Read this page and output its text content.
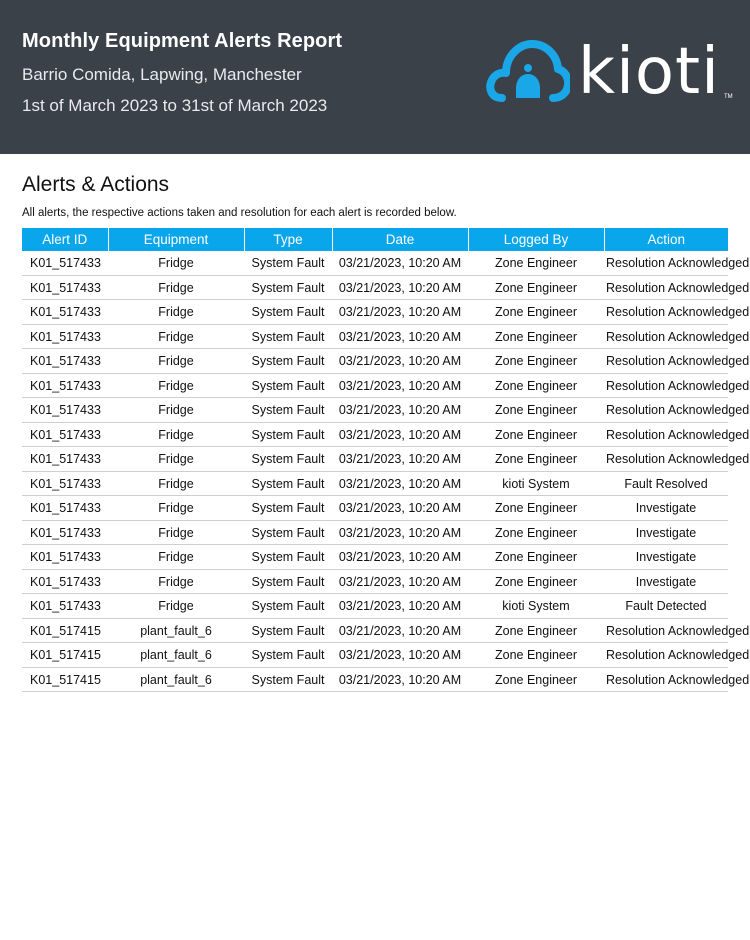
Monthly Equipment Alerts Report
Barrio Comida, Lapwing, Manchester
1st of March 2023 to 31st of March 2023	kioti TM
Alerts & Actions
All alerts, the respective actions taken and resolution for each alert is recorded below.
Alert ID	Equipment	Type	Date	Logged By	Action
K01_517433	Fridge	System Fault	03/21/2023, 10:20 AM	Zone Engineer	Resolution Acknowledged
K01_517433	Fridge	System Fault	03/21/2023, 10:20 AM	Zone Engineer	Resolution Acknowledged
K01_517433	Fridge	System Fault	03/21/2023, 10:20 AM	Zone Engineer	Resolution Acknowledged
K01_517433	Fridge	System Fault	03/21/2023, 10:20 AM	Zone Engineer	Resolution Acknowledged
K01_517433	Fridge	System Fault	03/21/2023, 10:20 AM	Zone Engineer	Resolution Acknowledged
K01_517433	Fridge	System Fault	03/21/2023, 10:20 AM	Zone Engineer	Resolution Acknowledged
K01_517433	Fridge	System Fault	03/21/2023, 10:20 AM	Zone Engineer	Resolution Acknowledged
K01_517433	Fridge	System Fault	03/21/2023, 10:20 AM	Zone Engineer	Resolution Acknowledged
K01_517433	Fridge	System Fault	03/21/2023, 10:20 AM	Zone Engineer	Resolution Acknowledged
K01_517433	Fridge	System Fault	03/21/2023, 10:20 AM	kioti System	Fault Resolved
K01_517433	Fridge	System Fault	03/21/2023, 10:20 AM	Zone Engineer	Investigate
K01_517433	Fridge	System Fault	03/21/2023, 10:20 AM	Zone Engineer	Investigate
K01_517433	Fridge	System Fault	03/21/2023, 10:20 AM	Zone Engineer	Investigate
K01_517433	Fridge	System Fault	03/21/2023, 10:20 AM	Zone Engineer	Investigate
K01_517433	Fridge	System Fault	03/21/2023, 10:20 AM	kioti System	Fault Detected
K01_517415	plant_fault_6	System Fault	03/21/2023, 10:20 AM	Zone Engineer	Resolution Acknowledged
K01_517415	plant_fault_6	System Fault	03/21/2023, 10:20 AM	Zone Engineer	Resolution Acknowledged
K01_517415	plant_fault_6	System Fault	03/21/2023, 10:20 AM	Zone Engineer	Resolution Acknowledged
